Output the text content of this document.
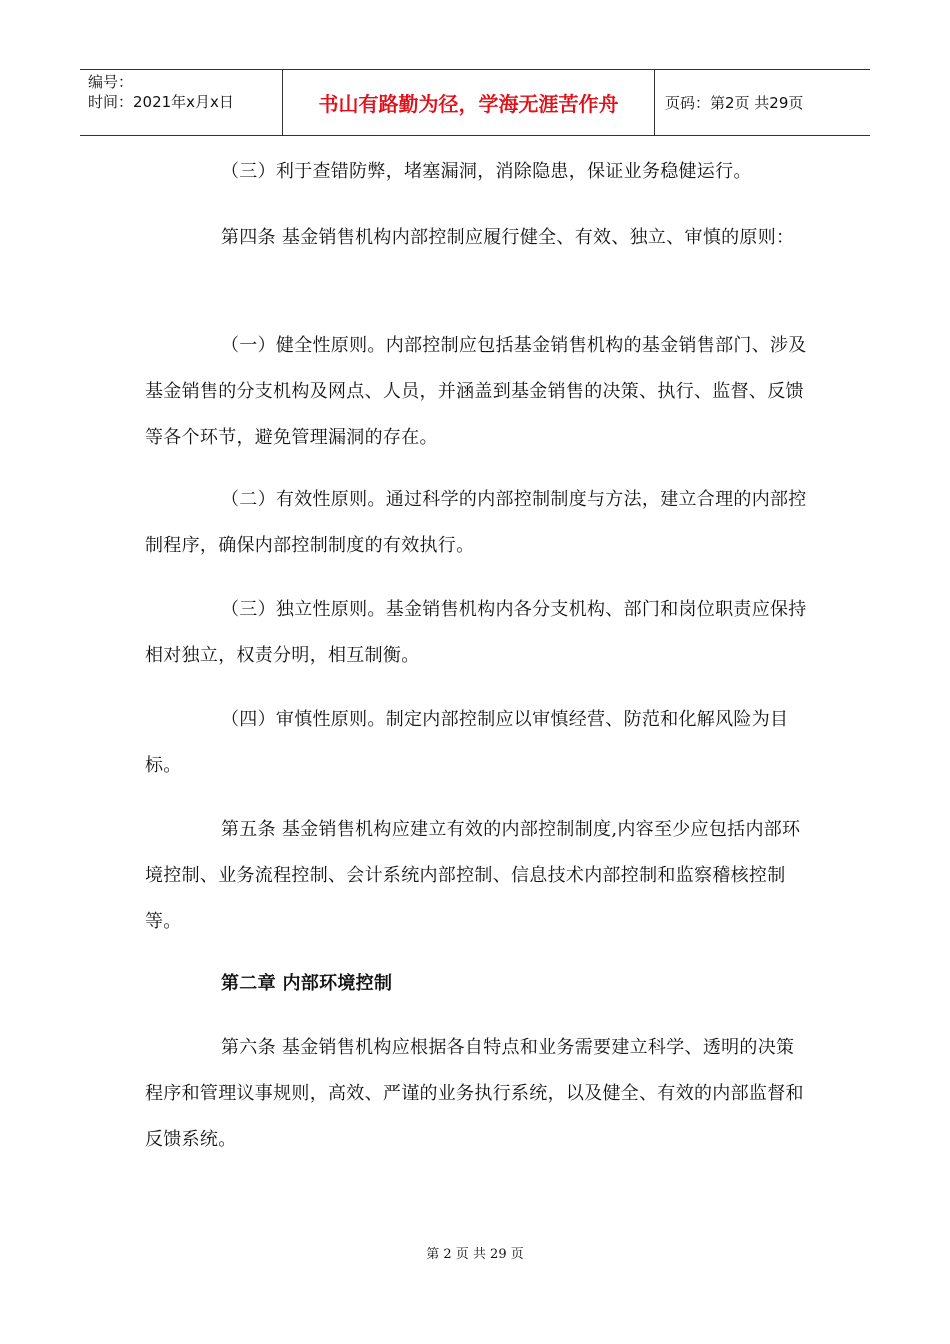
编号：
时间：2021年x月x日	书山有路勤为径，学海无涯苦作舟	页码：第2页 共29页
（三）利于查错防弊，堵塞漏洞，消除隐患，保证业务稳健运行。
第四条 基金销售机构内部控制应履行健全、有效、独立、审慎的原则：
（一）健全性原则。内部控制应包括基金销售机构的基金销售部门、涉及基金销售的分支机构及网点、人员，并涵盖到基金销售的决策、执行、监督、反馈等各个环节，避免管理漏洞的存在。
（二）有效性原则。通过科学的内部控制制度与方法，建立合理的内部控制程序，确保内部控制制度的有效执行。
（三）独立性原则。基金销售机构内各分支机构、部门和岗位职责应保持相对独立，权责分明，相互制衡。
（四）审慎性原则。制定内部控制应以审慎经营、防范和化解风险为目标。
第五条 基金销售机构应建立有效的内部控制制度,内容至少应包括内部环境控制、业务流程控制、会计系统内部控制、信息技术内部控制和监察稽核控制等。
第二章 内部环境控制
第六条 基金销售机构应根据各自特点和业务需要建立科学、透明的决策程序和管理议事规则，高效、严谨的业务执行系统，以及健全、有效的内部监督和反馈系统。
第 2 页 共 29 页
